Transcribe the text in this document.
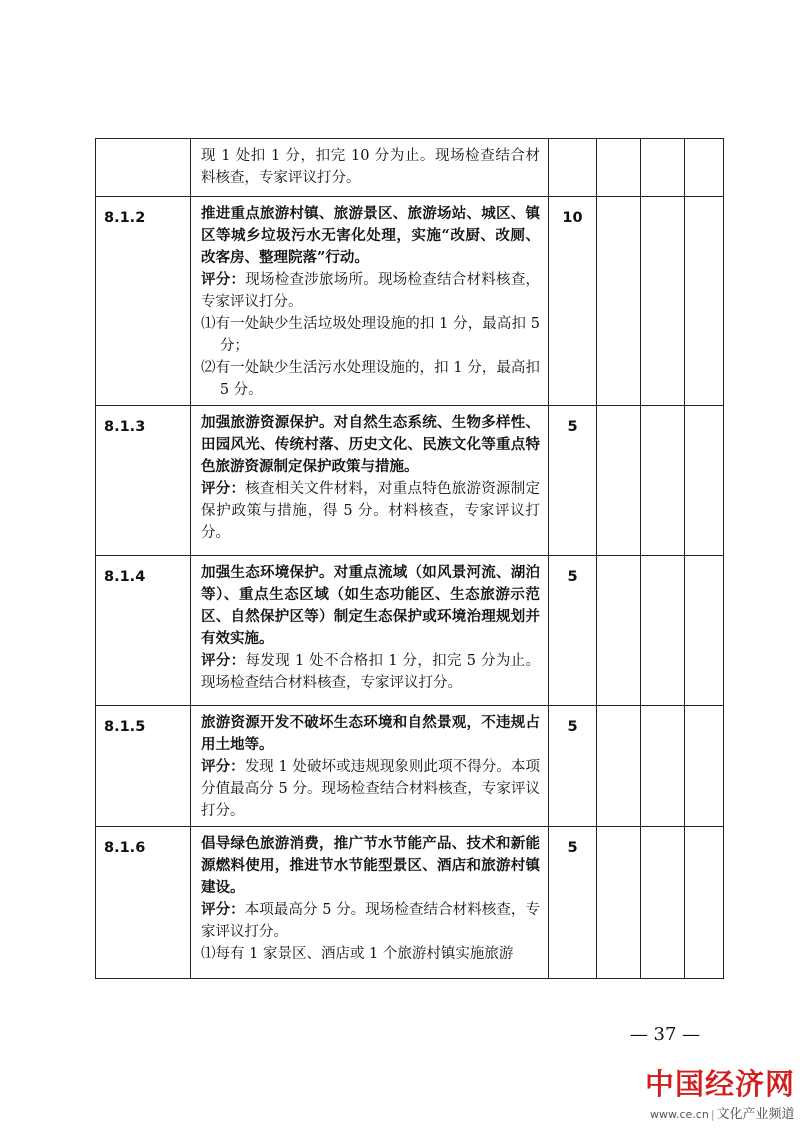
	现 1 处扣 1 分，扣完 10 分为止。现场检查结合材料核查，专家评议打分。				

8.1.2	推进重点旅游村镇、旅游景区、旅游场站、城区、镇区等城乡垃圾污水无害化处理，实施“改厨、改厕、改客房、整理院落”行动。
评分：现场检查涉旅场所。现场检查结合材料核查，专家评议打分。
⑴有一处缺少生活垃圾处理设施的扣 1 分，最高扣 5 分；
⑵有一处缺少生活污水处理设施的，扣 1 分，最高扣 5 分。	10			
8.1.3	加强旅游资源保护。对自然生态系统、生物多样性、田园风光、传统村落、历史文化、民族文化等重点特色旅游资源制定保护政策与措施。
评分：核查相关文件材料，对重点特色旅游资源制定保护政策与措施，得 5 分。材料核查，专家评议打分。	5			
8.1.4	加强生态环境保护。对重点流域（如风景河流、湖泊等）、重点生态区域（如生态功能区、生态旅游示范区、自然保护区等）制定生态保护或环境治理规划并有效实施。
评分：每发现 1 处不合格扣 1 分，扣完 5 分为止。现场检查结合材料核查，专家评议打分。	5			
8.1.5	旅游资源开发不破坏生态环境和自然景观，不违规占用土地等。
评分：发现 1 处破坏或违规现象则此项不得分。本项分值最高分 5 分。现场检查结合材料核查，专家评议打分。	5			
8.1.6	倡导绿色旅游消费，推广节水节能产品、技术和新能源燃料使用，推进节水节能型景区、酒店和旅游村镇建设。
评分：本项最高分 5 分。现场检查结合材料核查，专家评议打分。
⑴每有 1 家景区、酒店或 1 个旅游村镇实施旅游	5			
— 37 —
中国经济网
www.ce.cn | 文化产业频道
